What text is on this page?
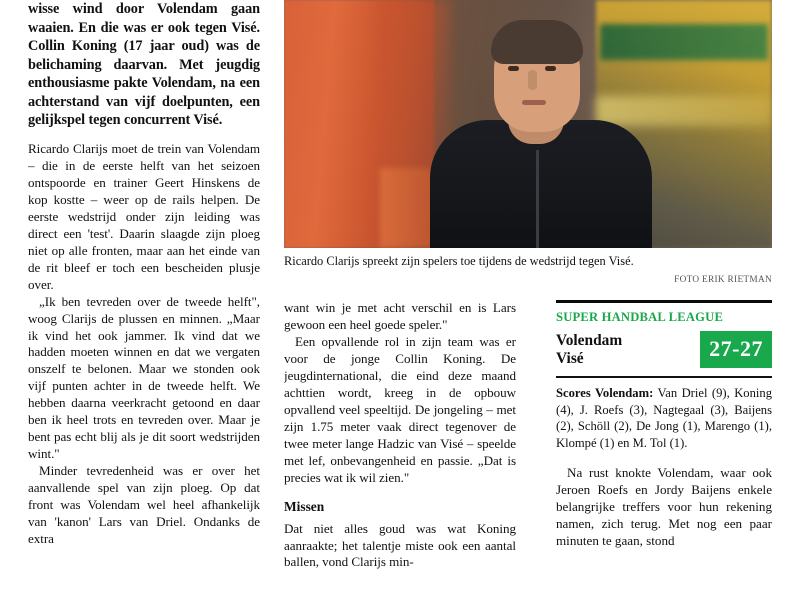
wisse wind door Volendam gaan waaien. En die was er ook tegen Visé. Collin Koning (17 jaar oud) was de belichaming daarvan. Met jeugdig enthousiasme pakte Volendam, na een achterstand van vijf doelpunten, een gelijkspel tegen concurrent Visé.

Ricardo Clarijs moet de trein van Volendam – die in de eerste helft van het seizoen ontspoorde en trainer Geert Hinskens de kop kostte – weer op de rails helpen. De eerste wedstrijd onder zijn leiding was direct een 'test'. Daarin slaagde zijn ploeg niet op alle fronten, maar aan het einde van de rit bleef er toch een bescheiden plusje over.

„Ik ben tevreden over de tweede helft", woog Clarijs de plussen en minnen. „Maar ik vind het ook jammer. Ik vind dat we hadden moeten winnen en dat we vergaten onszelf te belonen. Maar we stonden ook vijf punten achter in de tweede helft. We hebben daarna veerkracht getoond en daar ben ik heel trots en tevreden over. Maar je bent pas echt blij als je dit soort wedstrijden wint."

Minder tevredenheid was er over het aanvallende spel van zijn ploeg. Op dat front was Volendam wel heel afhankelijk van 'kanon' Lars van Driel. Ondanks de extra

Ricardo Clarijs spreekt zijn spelers toe tijdens de wedstrijd tegen Visé.
FOTO ERIK RIETMAN

want win je met acht verschil en is Lars gewoon een heel goede speler."

Een opvallende rol in zijn team was er voor de jonge Collin Koning. De jeugdinternational, die eind deze maand achttien wordt, kreeg in de opbouw opvallend veel speeltijd. De jongeling – met zijn 1.75 meter vaak direct tegenover de twee meter lange Hadzic van Visé – speelde met lef, onbevangenheid en passie. „Dat is precies wat ik wil zien."

Missen

Dat niet alles goud was wat Koning aanraakte; het talentje miste ook een aantal ballen, vond Clarijs min-

SUPER HANDBAL LEAGUE
Volendam
Visé	27-27
Scores Volendam: Van Driel (9), Koning (4), J. Roefs (3), Nagtegaal (3), Baijens (2), Schöll (2), De Jong (1), Marengo (1), Klompé (1) en M. Tol (1).

Na rust knokte Volendam, waar ook Jeroen Roefs en Jordy Baijens enkele belangrijke treffers voor hun rekening namen, zich terug. Met nog een paar minuten te gaan, stond
